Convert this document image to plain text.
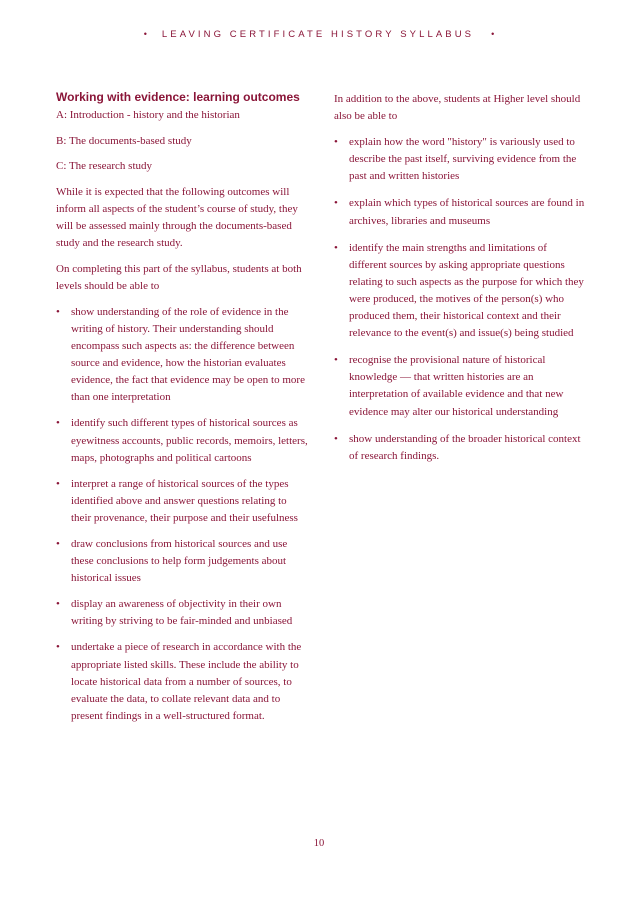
• LEAVING CERTIFICATE HISTORY SYLLABUS •
Working with evidence: learning outcomes

A: Introduction - history and the historian

B: The documents-based study

C: The research study

While it is expected that the following outcomes will inform all aspects of the student’s course of study, they will be assessed mainly through the documents-based study and the research study.

On completing this part of the syllabus, students at both levels should be able to

• show understanding of the role of evidence in the writing of history. Their understanding should encompass such aspects as: the difference between source and evidence, how the historian evaluates evidence, the fact that evidence may be open to more than one interpretation
• identify such different types of historical sources as eyewitness accounts, public records, memoirs, letters, maps, photographs and political cartoons
• interpret a range of historical sources of the types identified above and answer questions relating to their provenance, their purpose and their usefulness
• draw conclusions from historical sources and use these conclusions to help form judgements about historical issues
• display an awareness of objectivity in their own writing by striving to be fair-minded and unbiased
• undertake a piece of research in accordance with the appropriate listed skills. These include the ability to locate historical data from a number of sources, to evaluate the data, to collate relevant data and to present findings in a well-structured format.

In addition to the above, students at Higher level should also be able to

• explain how the word "history" is variously used to describe the past itself, surviving evidence from the past and written histories
• explain which types of historical sources are found in archives, libraries and museums
• identify the main strengths and limitations of different sources by asking appropriate questions relating to such aspects as the purpose for which they were produced, the motives of the person(s) who produced them, their historical context and their relevance to the event(s) and issue(s) being studied
• recognise the provisional nature of historical knowledge — that written histories are an interpretation of available evidence and that new evidence may alter our historical understanding
• show understanding of the broader historical context of research findings.
10
